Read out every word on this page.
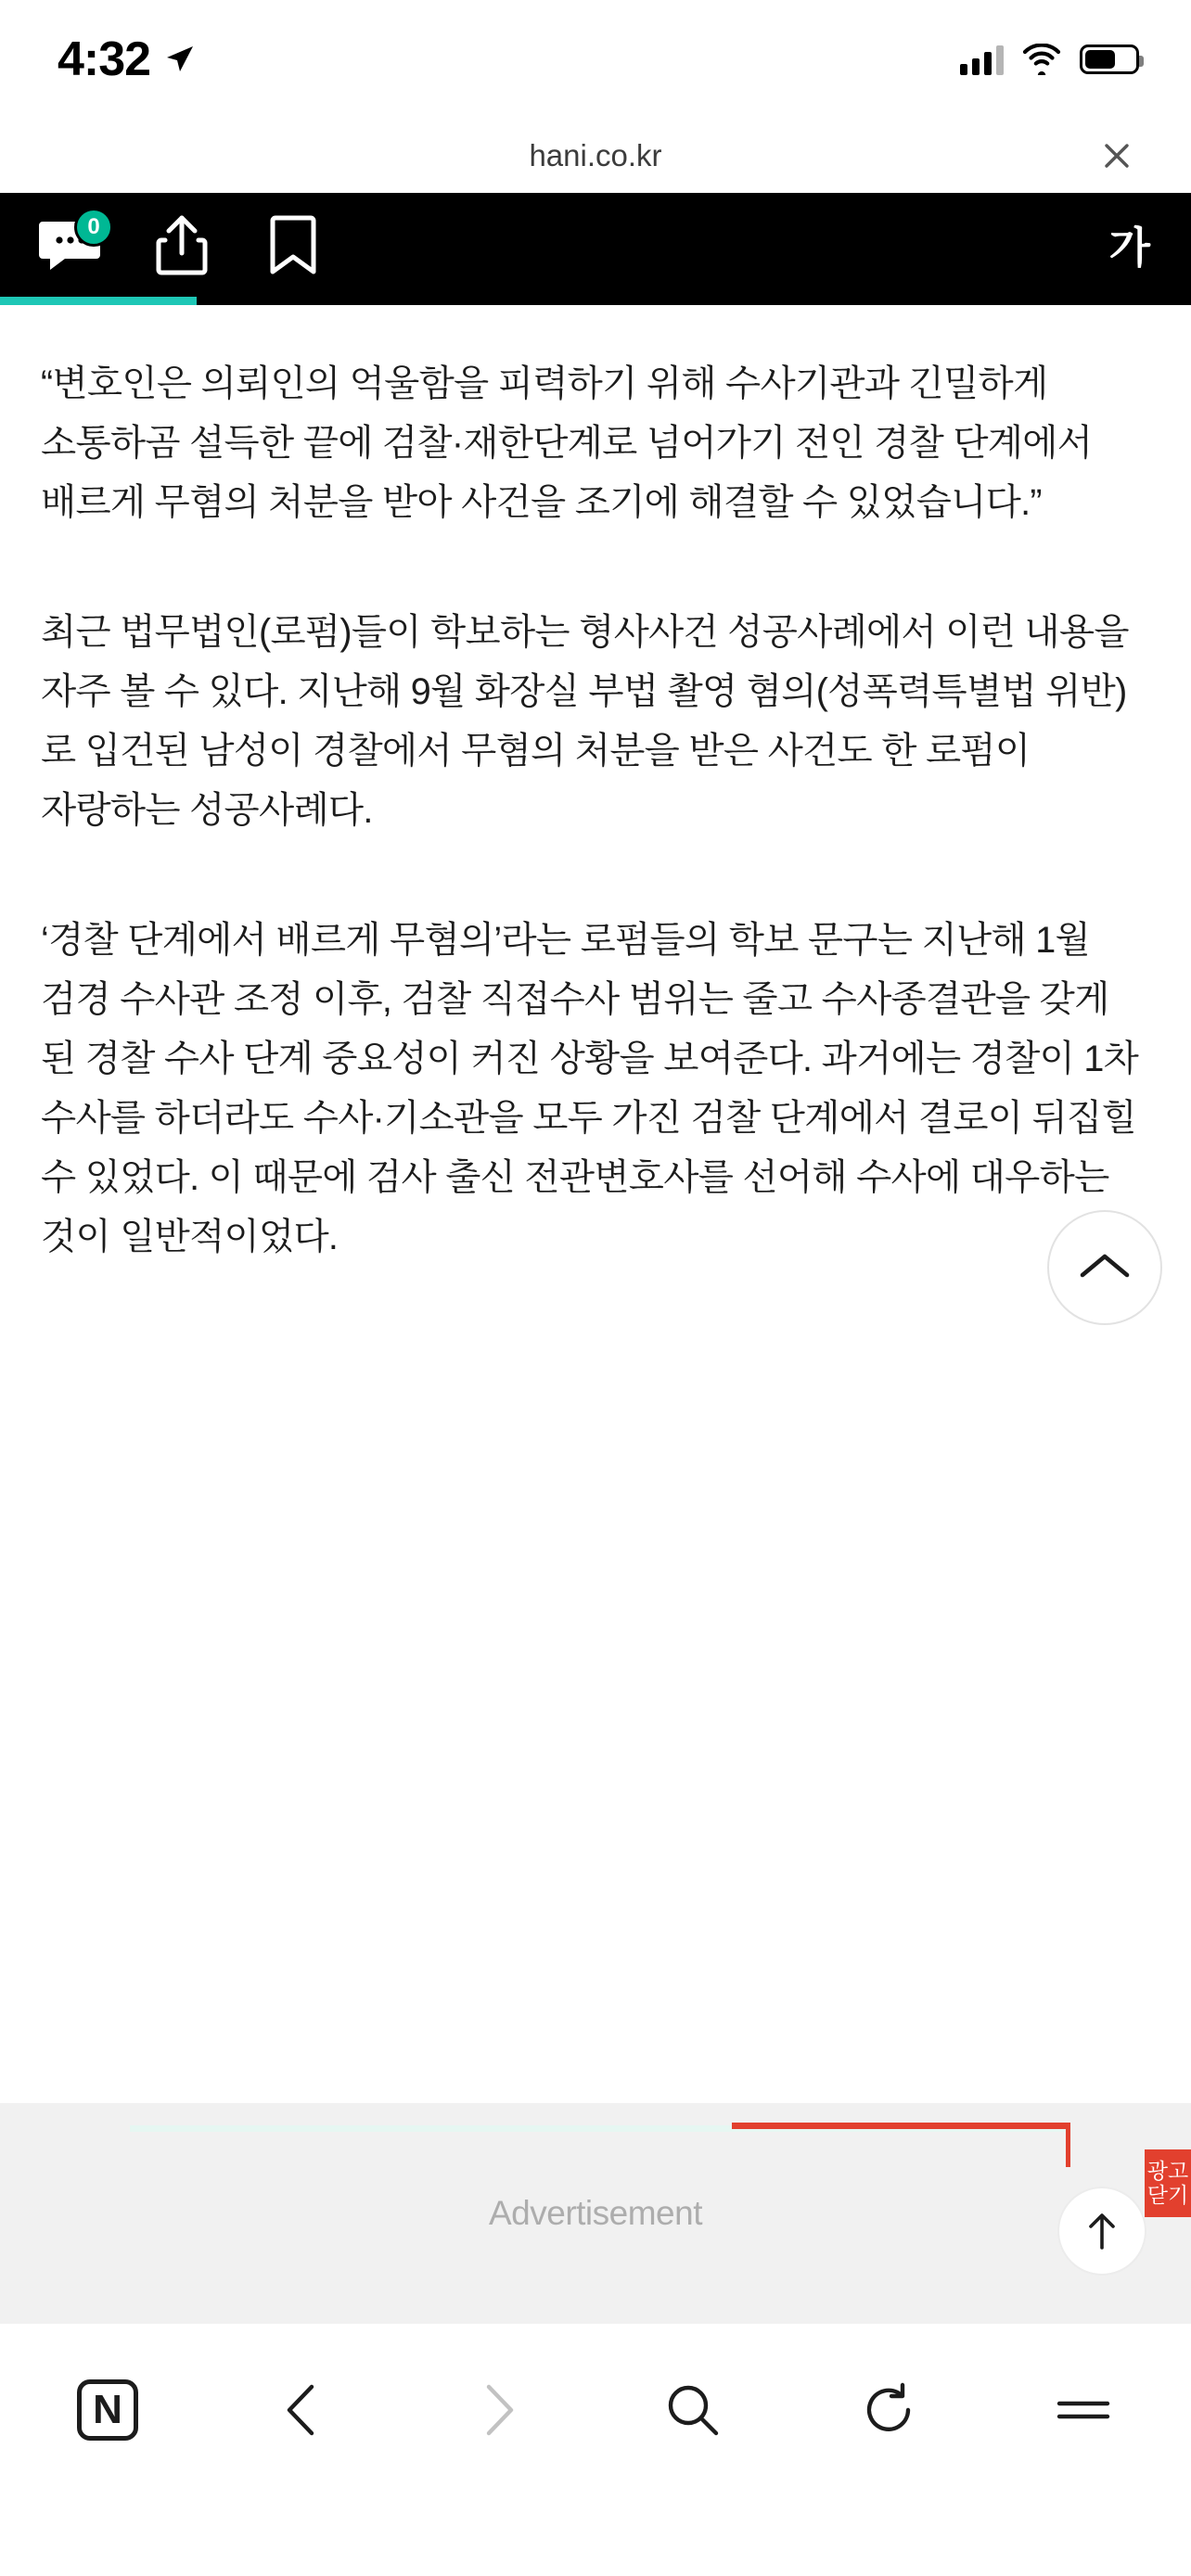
4:32
hani.co.kr
0	가

“변호인은 의뢰인의 억울함을 피력하기 위해 수사기관과 긴밀하게 소통하곰 설득한 끝에 검찰·재한단계로 넘어가기 전인 경찰 단계에서 배르게 무혐의 처분을 받아 사건을 조기에 해결할 수 있었습니다.”

최근 법무법인(로펌)들이 학보하는 형사사건 성공사례에서 이런 내용을 자주 볼 수 있다. 지난해 9월 화장실 부법 촬영 혐의(성폭력특별법 위반)로 입건된 남성이 경찰에서 무혐의 처분을 받은 사건도 한 로펌이 자랑하는 성공사례다.

‘경찰 단계에서 배르게 무혐의’라는 로펌들의 학보 문구는 지난해 1월 검경 수사관 조정 이후, 검찰 직접수사 범위는 줄고 수사종결관을 갖게 된 경찰 수사 단계 중요성이 커진 상황을 보여준다. 과거에는 경찰이 1차 수사를 하더라도 수사·기소관을 모두 가진 검찰 단계에서 결로이 뒤집힐 수 있었다. 이 때문에 검사 출신 전관변호사를 선어해 수사에 대우하는 것이 일반적이었다.

Advertisement
광고닫기
N
